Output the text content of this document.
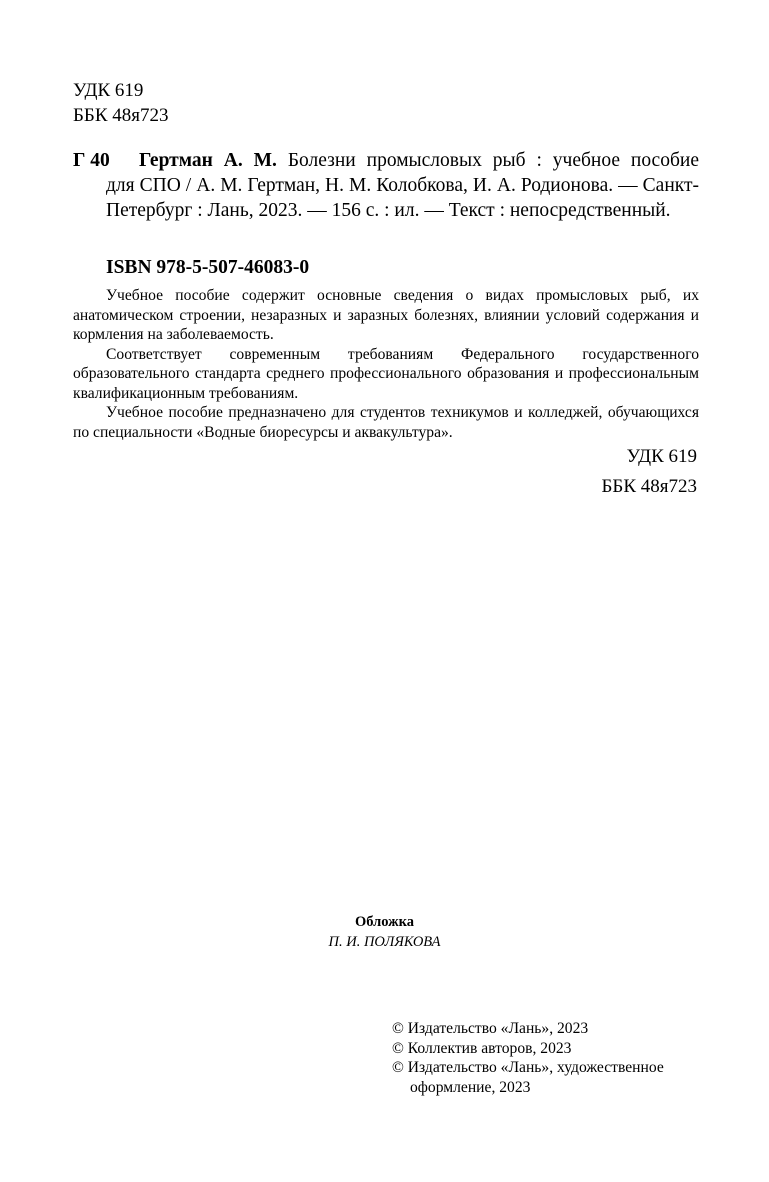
УДК 619
ББК 48я723
Г 40	Гертман А. М. Болезни промысловых рыб : учебное пособие
для СПО / А. М. Гертман, Н. М. Колобкова, И. А. Родионова. — Санкт-Петербург : Лань, 2023. — 156 с. : ил. — Текст : непосредственный.
ISBN 978-5-507-46083-0

Учебное пособие содержит основные сведения о видах промысловых рыб, их анатомическом строении, незаразных и заразных болезнях, влиянии условий содержания и кормления на заболеваемость.

Соответствует современным требованиям Федерального государственного образовательного стандарта среднего профессионального образования и профессиональным квалификационным требованиям.

Учебное пособие предназначено для студентов техникумов и колледжей, обучающихся по специальности «Водные биоресурсы и аквакультура».

УДК 619
ББК 48я723
Обложка
П. И. ПОЛЯКОВА
© Издательство «Лань», 2023
© Коллектив авторов, 2023
© Издательство «Лань», художественное оформление, 2023
